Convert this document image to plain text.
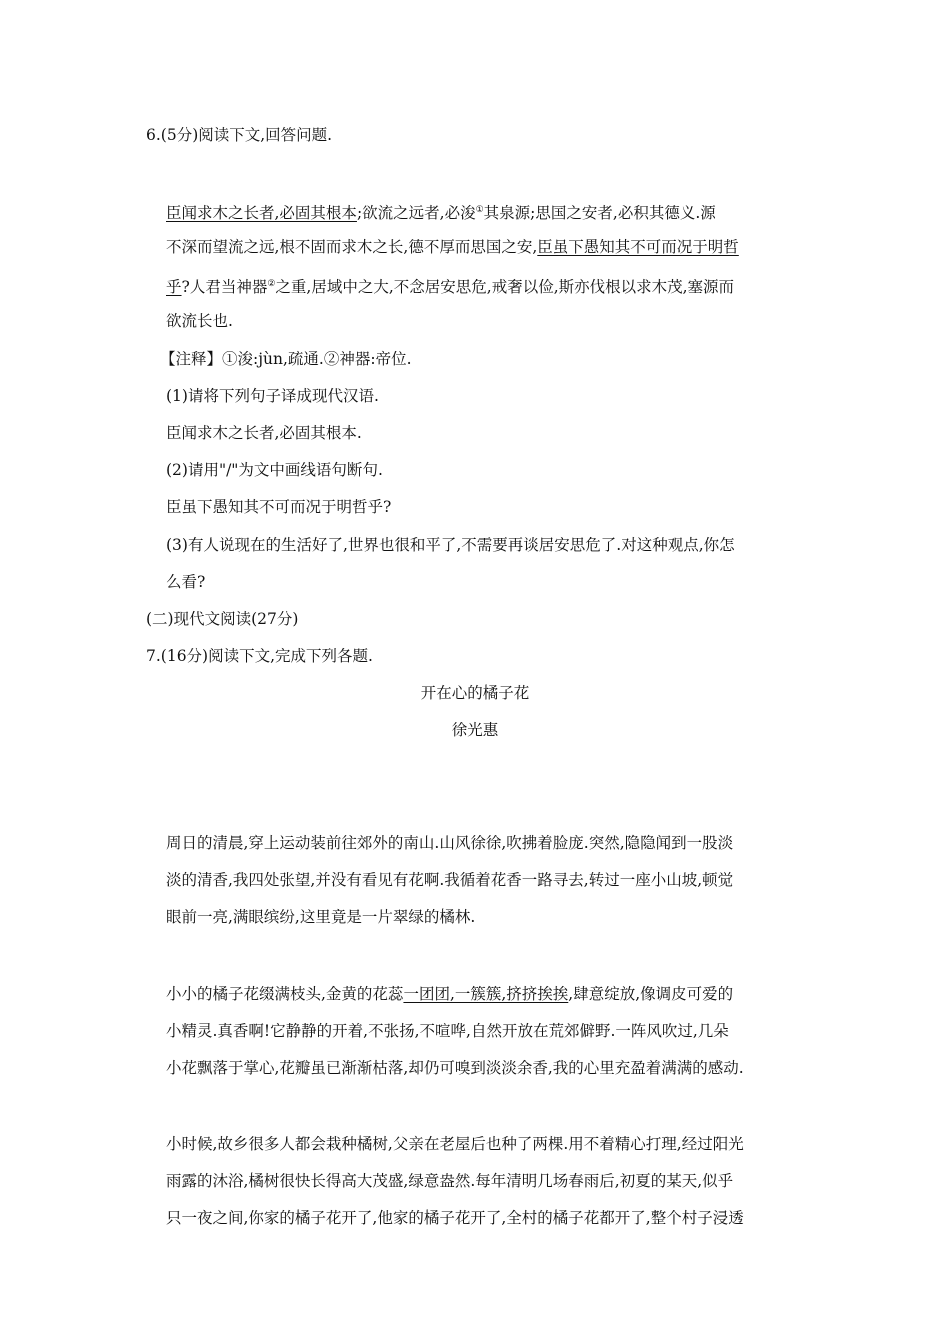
6.(5分)阅读下文,回答问题.
臣闻求木之长者,必固其根本;欲流之远者,必浚①其泉源;思国之安者,必积其德义.源
不深而望流之远,根不固而求木之长,德不厚而思国之安,臣虽下愚知其不可而况于明哲
乎?人君当神器②之重,居域中之大,不念居安思危,戒奢以俭,斯亦伐根以求木茂,塞源而
欲流长也.
【注释】①浚:jùn,疏通.②神器:帝位.
(1)请将下列句子译成现代汉语.
臣闻求木之长者,必固其根本.
(2)请用"/"为文中画线语句断句.
臣虽下愚知其不可而况于明哲乎?
(3)有人说现在的生活好了,世界也很和平了,不需要再谈居安思危了.对这种观点,你怎
么看?
(二)现代文阅读(27分)
7.(16分)阅读下文,完成下列各题.
开在心的橘子花
徐光惠
周日的清晨,穿上运动装前往郊外的南山.山风徐徐,吹拂着脸庞.突然,隐隐闻到一股淡
淡的清香,我四处张望,并没有看见有花啊.我循着花香一路寻去,转过一座小山坡,顿觉
眼前一亮,满眼缤纷,这里竟是一片翠绿的橘林.
小小的橘子花缀满枝头,金黄的花蕊一团团,一簇簇,挤挤挨挨,肆意绽放,像调皮可爱的
小精灵.真香啊!它静静的开着,不张扬,不喧哗,自然开放在荒郊僻野.一阵风吹过,几朵
小花飘落于掌心,花瓣虽已渐渐枯落,却仍可嗅到淡淡余香,我的心里充盈着满满的感动.
小时候,故乡很多人都会栽种橘树,父亲在老屋后也种了两棵.用不着精心打理,经过阳光
雨露的沐浴,橘树很快长得高大茂盛,绿意盎然.每年清明几场春雨后,初夏的某天,似乎
只一夜之间,你家的橘子花开了,他家的橘子花开了,全村的橘子花都开了,整个村子浸透
